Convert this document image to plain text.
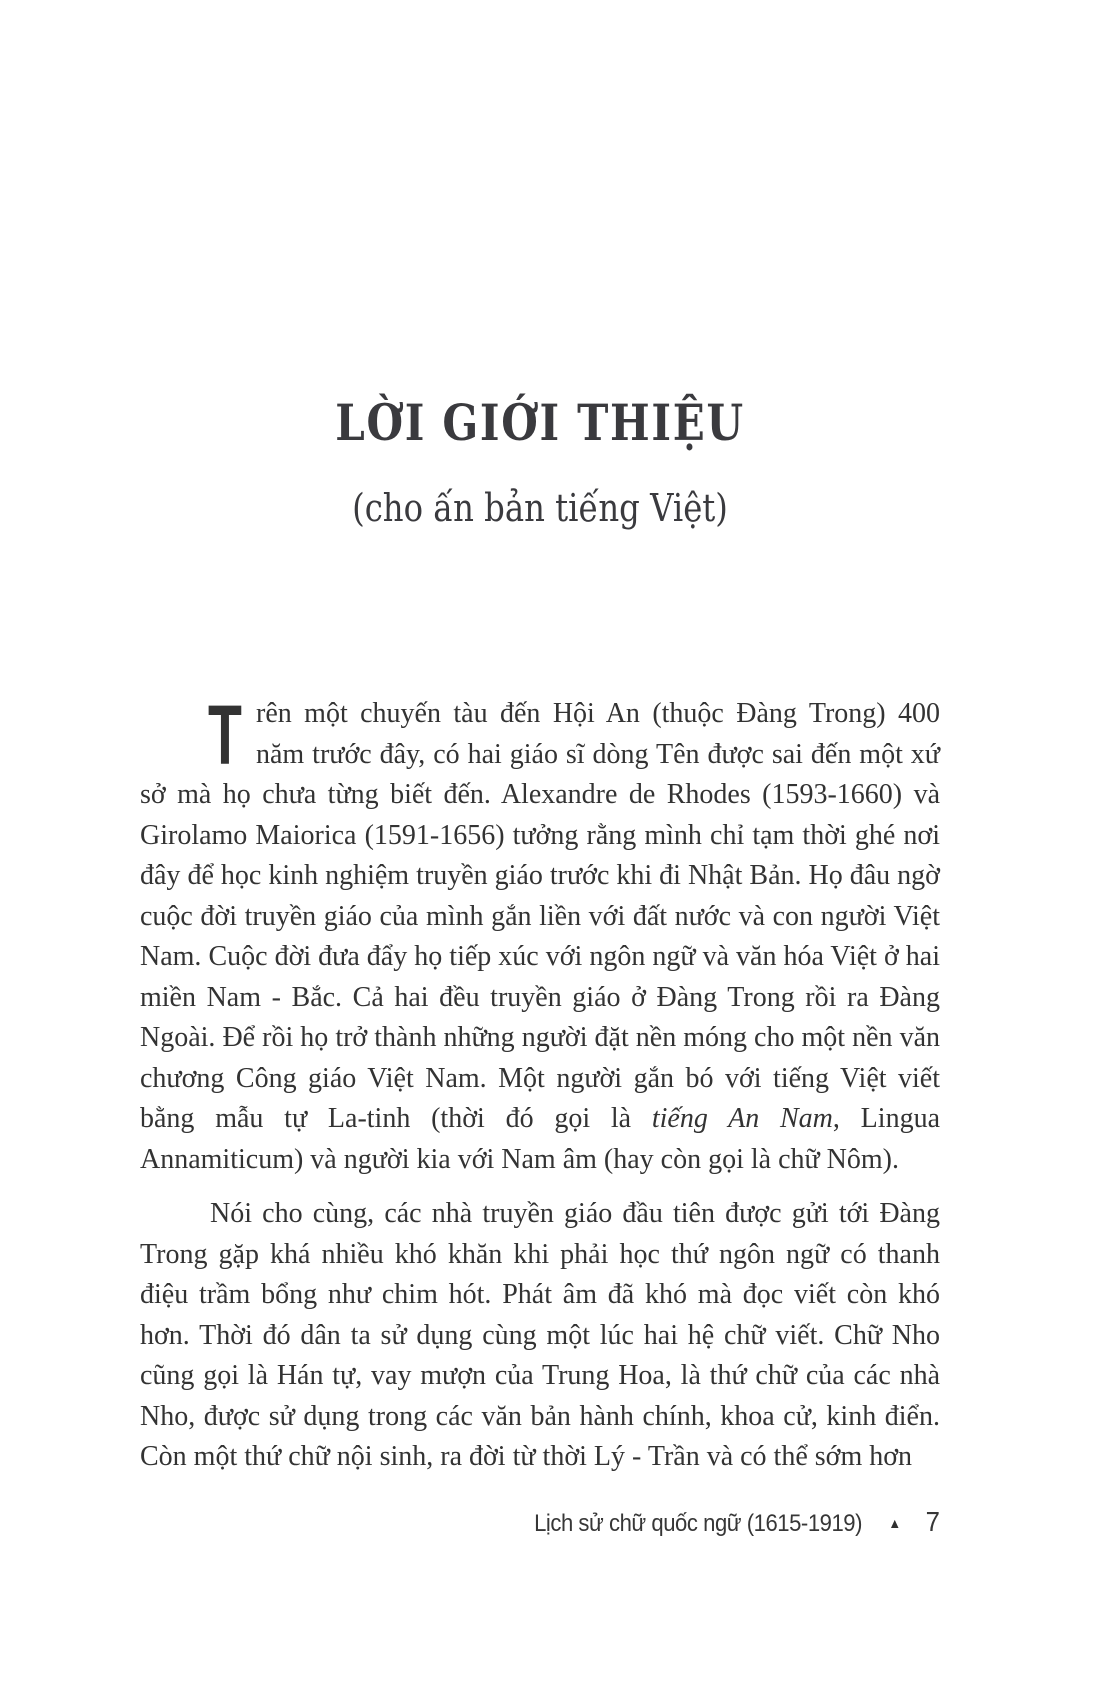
LỜI GIỚI THIỆU
(cho ấn bản tiếng Việt)

Trên một chuyến tàu đến Hội An (thuộc Đàng Trong) 400 năm trước đây, có hai giáo sĩ dòng Tên được sai đến một xứ sở mà họ chưa từng biết đến. Alexandre de Rhodes (1593-1660) và Girolamo Maiorica (1591-1656) tưởng rằng mình chỉ tạm thời ghé nơi đây để học kinh nghiệm truyền giáo trước khi đi Nhật Bản. Họ đâu ngờ cuộc đời truyền giáo của mình gắn liền với đất nước và con người Việt Nam. Cuộc đời đưa đẩy họ tiếp xúc với ngôn ngữ và văn hóa Việt ở hai miền Nam - Bắc. Cả hai đều truyền giáo ở Đàng Trong rồi ra Đàng Ngoài. Để rồi họ trở thành những người đặt nền móng cho một nền văn chương Công giáo Việt Nam. Một người gắn bó với tiếng Việt viết bằng mẫu tự La-tinh (thời đó gọi là tiếng An Nam, Lingua Annamiticum) và người kia với Nam âm (hay còn gọi là chữ Nôm).

Nói cho cùng, các nhà truyền giáo đầu tiên được gửi tới Đàng Trong gặp khá nhiều khó khăn khi phải học thứ ngôn ngữ có thanh điệu trầm bổng như chim hót. Phát âm đã khó mà đọc viết còn khó hơn. Thời đó dân ta sử dụng cùng một lúc hai hệ chữ viết. Chữ Nho cũng gọi là Hán tự, vay mượn của Trung Hoa, là thứ chữ của các nhà Nho, được sử dụng trong các văn bản hành chính, khoa cử, kinh điển. Còn một thứ chữ nội sinh, ra đời từ thời Lý - Trần và có thể sớm hơn

Lịch sử chữ quốc ngữ (1615-1919) ▲ 7
